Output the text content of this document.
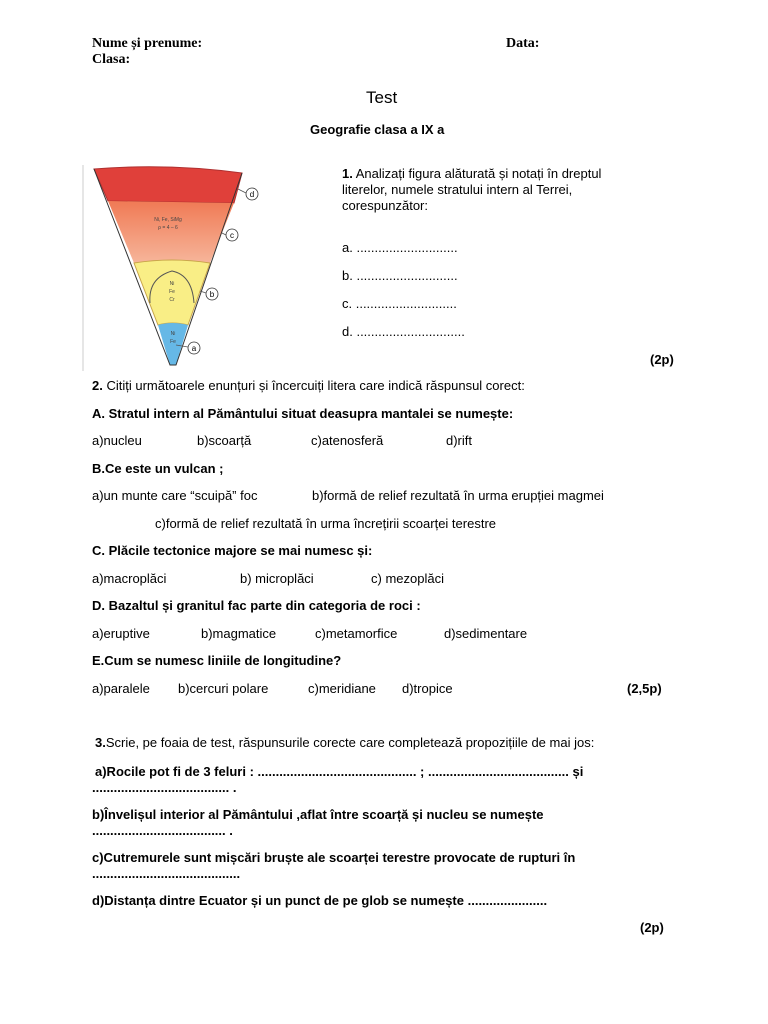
Nume și prenume:	Data:
Clasa:
Test
Geografie clasa a IX a
d
c
b
a
Ni, Fe, SiMg
ρ = 4 – 6
Ni
Fe
Cr
Ni
Fe
1. Analizați figura alăturată și notați în dreptul
literelor, numele stratului intern al Terrei,
corespunzător:
a. ............................
b. ............................
c. ............................
d. ..............................
(2p)
2. Citiți următoarele enunțuri și încercuiți litera care indică răspunsul corect:
A. Stratul intern al Pământului situat deasupra mantalei se numește:
a)nucleu	b)scoarță	c)atenosferă	d)rift
B.Ce este un vulcan ;
a)un munte care “scuipă” foc	b)formă de relief rezultată în urma erupției magmei
c)formă de relief rezultată în urma încrețirii scoarței terestre
C. Plăcile tectonice majore se mai numesc și:
a)macroplăci	b) microplăci	c) mezoplăci
D. Bazaltul și granitul fac parte din categoria de roci :
a)eruptive	b)magmatice	c)metamorfice	d)sedimentare
E.Cum se numesc liniile de longitudine?
a)paralele b)cercuri polare	c)meridiane d)tropice	(2,5p)
3.Scrie, pe foaia de test, răspunsurile corecte care completează propozițiile de mai jos:
a)Rocile pot fi de 3 feluri : ............................................ ; ....................................... și
...................................... .
b)Învelișul interior al Pământului ,aflat între scoarță și nucleu se numește
..................................... .
c)Cutremurele sunt mișcări bruște ale scoarței terestre provocate de rupturi în
.........................................
d)Distanța dintre Ecuator și un punct de pe glob se numește ......................
(2p)
